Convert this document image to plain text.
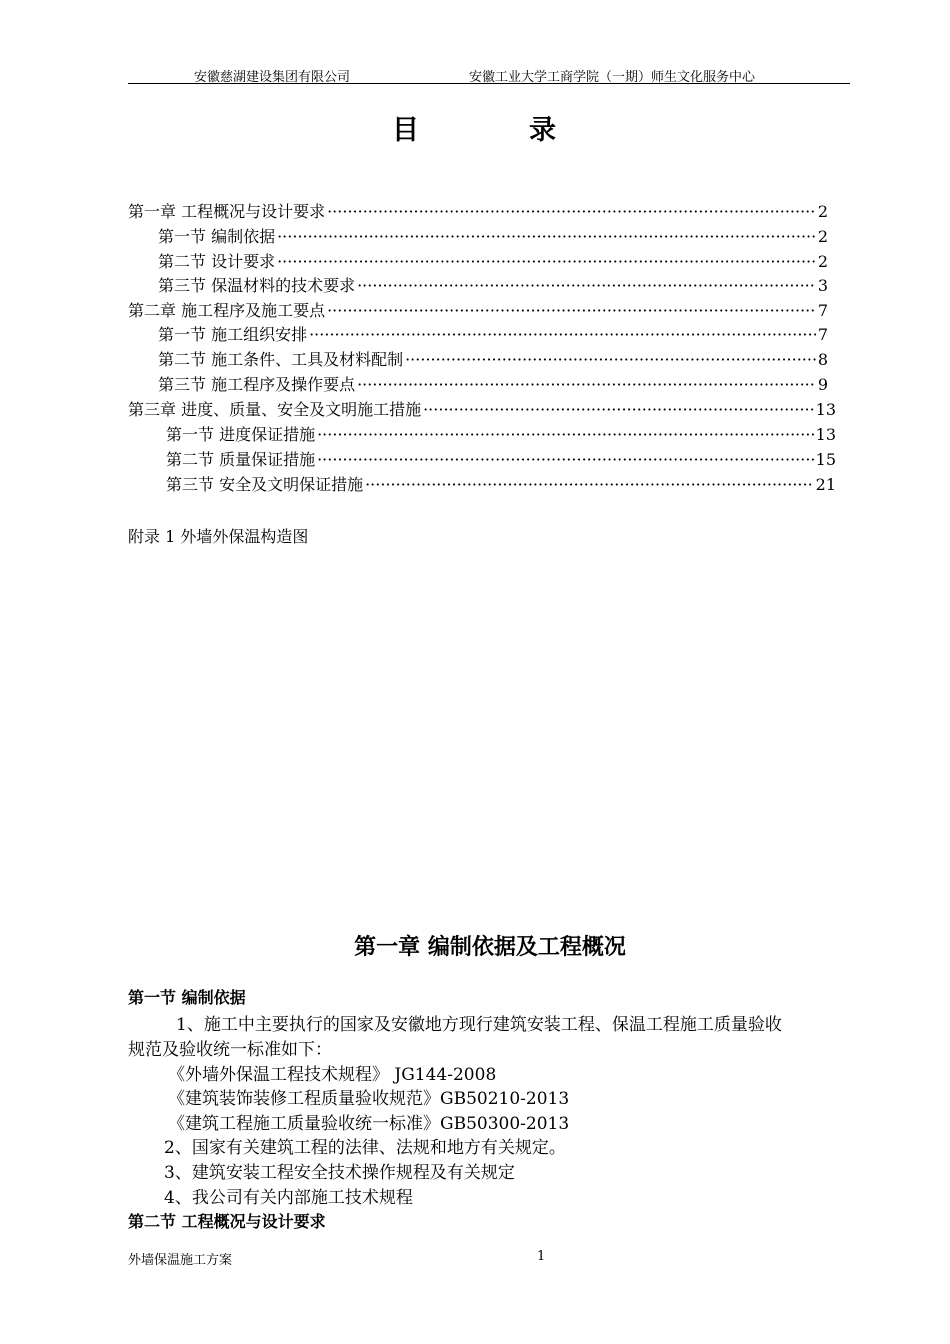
安徽慈湖建设集团有限公司	安徽工业大学工商学院（一期）师生文化服务中心
目	录
第一章 工程概况与设计要求 ·····	2
第一节 编制依据 ·····	2
第二节 设计要求 ·····	2
第三节 保温材料的技术要求 ·····	3
第二章 施工程序及施工要点 ·····	7
第一节 施工组织安排 ·····	7
第二节 施工条件、工具及材料配制 ·····	8
第三节 施工程序及操作要点 ·····	9
第三章 进度、质量、安全及文明施工措施 ·····	13
第一节 进度保证措施 ·····	13
第二节 质量保证措施 ·····	15
第三节 安全及文明保证措施 ·····	21
附录 1 外墙外保温构造图
第一章 编制依据及工程概况
第一节 编制依据
1、施工中主要执行的国家及安徽地方现行建筑安装工程、保温工程施工质量验收
规范及验收统一标准如下：
《外墙外保温工程技术规程》 JG144-2008
《建筑装饰装修工程质量验收规范》GB50210-2013
《建筑工程施工质量验收统一标准》GB50300-2013
2、国家有关建筑工程的法律、法规和地方有关规定。
3、建筑安装工程安全技术操作规程及有关规定
4、我公司有关内部施工技术规程
第二节 工程概况与设计要求
外墙保温施工方案	1
